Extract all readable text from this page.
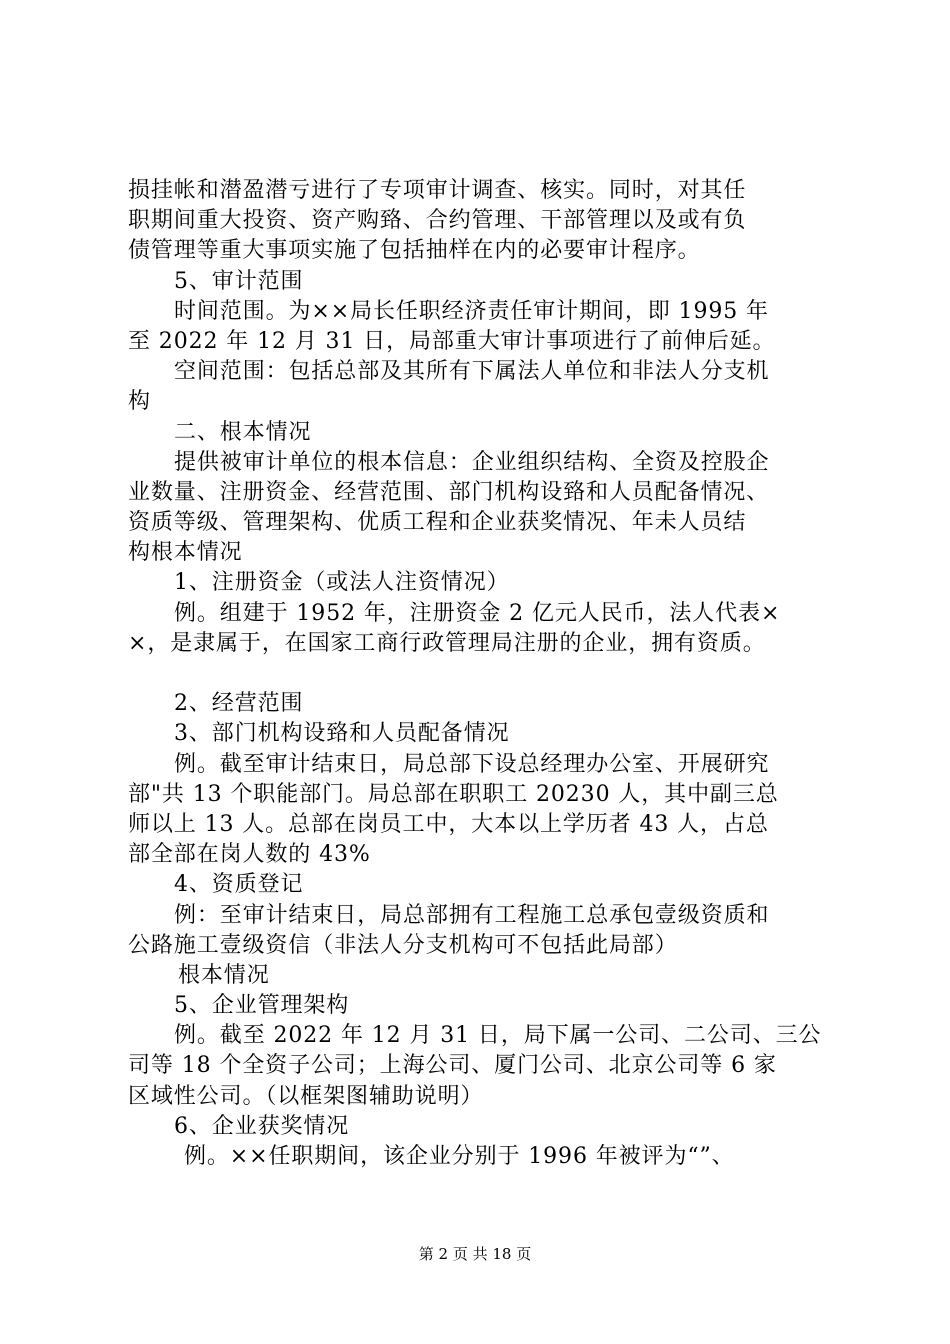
损挂帐和潜盈潜亏进行了专项审计调查、核实。同时，对其任
职期间重大投资、资产购臵、合约管理、干部管理以及或有负
债管理等重大事项实施了包括抽样在内的必要审计程序。
5、审计范围
时间范围。为××局长任职经济责任审计期间，即 1995 年
至 2022 年 12 月 31 日，局部重大审计事项进行了前伸后延。
空间范围：包括总部及其所有下属法人单位和非法人分支机
构
二、根本情况
提供被审计单位的根本信息：企业组织结构、全资及控股企
业数量、注册资金、经营范围、部门机构设臵和人员配备情况、
资质等级、管理架构、优质工程和企业获奖情况、年未人员结
构根本情况
1、注册资金（或法人注资情况）
例。组建于 1952 年，注册资金 2 亿元人民币，法人代表×
×，是隶属于，在国家工商行政管理局注册的企业，拥有资质。
2、经营范围
3、部门机构设臵和人员配备情况
例。截至审计结束日，局总部下设总经理办公室、开展研究
部"共 13 个职能部门。局总部在职职工 20230 人，其中副三总
师以上 13 人。总部在岗员工中，大本以上学历者 43 人，占总
部全部在岗人数的 43%
4、资质登记
例：至审计结束日，局总部拥有工程施工总承包壹级资质和
公路施工壹级资信（非法人分支机构可不包括此局部）
根本情况
5、企业管理架构
例。截至 2022 年 12 月 31 日，局下属一公司、二公司、三公
司等 18 个全资子公司；上海公司、厦门公司、北京公司等 6 家
区域性公司。（以框架图辅助说明）
6、企业获奖情况
例。××任职期间，该企业分别于 1996 年被评为“”、
第 2 页 共 18 页
